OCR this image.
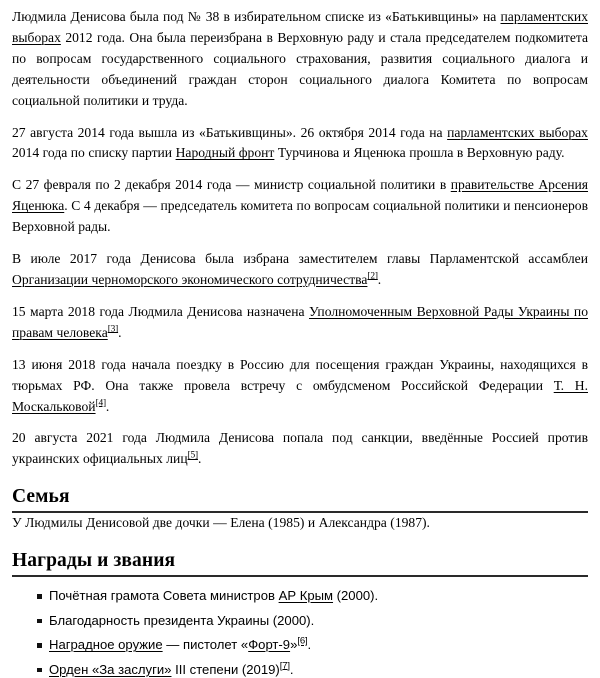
Людмила Денисова была под № 38 в избирательном списке из «Батькивщины» на парламентских выборах 2012 года. Она была переизбрана в Верховную раду и стала председателем подкомитета по вопросам государственного социального страхования, развития социального диалога и деятельности объединений граждан сторон социального диалога Комитета по вопросам социальной политики и труда.

27 августа 2014 года вышла из «Батькивщины». 26 октября 2014 года на парламентских выборах 2014 года по списку партии Народный фронт Турчинова и Яценюка прошла в Верховную раду.

С 27 февраля по 2 декабря 2014 года — министр социальной политики в правительстве Арсения Яценюка. С 4 декабря — председатель комитета по вопросам социальной политики и пенсионеров Верховной рады.

В июле 2017 года Денисова была избрана заместителем главы Парламентской ассамблеи Организации черноморского экономического сотрудничества[2].

15 марта 2018 года Людмила Денисова назначена Уполномоченным Верховной Рады Украины по правам человека[3].

13 июня 2018 года начала поездку в Россию для посещения граждан Украины, находящихся в тюрьмах РФ. Она также провела встречу с омбудсменом Российской Федерации Т. Н. Москальковой[4].

20 августа 2021 года Людмила Денисова попала под санкции, введённые Россией против украинских официальных лиц[5].

Семья

У Людмилы Денисовой две дочки — Елена (1985) и Александра (1987).

Награды и звания
Почётная грамота Совета министров АР Крым (2000).
Благодарность президента Украины (2000).
Наградное оружие — пистолет «Форт-9»[6].
Орден «За заслуги» III степени (2019)[7].
